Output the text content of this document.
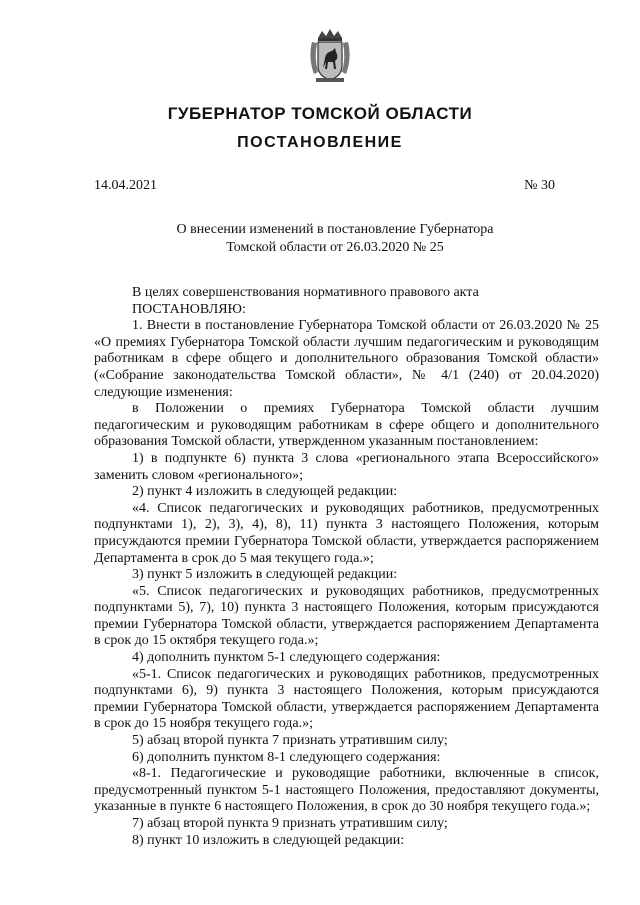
ГУБЕРНАТОР ТОМСКОЙ ОБЛАСТИ
ПОСТАНОВЛЕНИЕ
14.04.2021	№ 30
О внесении изменений в постановление Губернатора
Томской области от 26.03.2020 № 25

В целях совершенствования нормативного правового акта

ПОСТАНОВЛЯЮ:

1. Внести в постановление Губернатора Томской области от 26.03.2020 № 25 «О премиях Губернатора Томской области лучшим педагогическим и руководящим работникам в сфере общего и дополнительного образования Томской области» («Собрание законодательства Томской области», № 4/1 (240) от 20.04.2020) следующие изменения:

в Положении о премиях Губернатора Томской области лучшим педагогическим и руководящим работникам в сфере общего и дополнительного образования Томской области, утвержденном указанным постановлением:

1) в подпункте 6) пункта 3 слова «регионального этапа Всероссийского» заменить словом «регионального»;

2) пункт 4 изложить в следующей редакции:

«4. Список педагогических и руководящих работников, предусмотренных подпунктами 1), 2), 3), 4), 8), 11) пункта 3 настоящего Положения, которым присуждаются премии Губернатора Томской области, утверждается распоряжением Департамента в срок до 5 мая текущего года.»;

3) пункт 5 изложить в следующей редакции:

«5. Список педагогических и руководящих работников, предусмотренных подпунктами 5), 7), 10) пункта 3 настоящего Положения, которым присуждаются премии Губернатора Томской области, утверждается распоряжением Департамента в срок до 15 октября текущего года.»;

4) дополнить пунктом 5-1 следующего содержания:

«5-1. Список педагогических и руководящих работников, предусмотренных подпунктами 6), 9) пункта 3 настоящего Положения, которым присуждаются премии Губернатора Томской области, утверждается распоряжением Департамента в срок до 15 ноября текущего года.»;

5) абзац второй пункта 7 признать утратившим силу;

6) дополнить пунктом 8-1 следующего содержания:

«8-1. Педагогические и руководящие работники, включенные в список, предусмотренный пунктом 5-1 настоящего Положения, предоставляют документы, указанные в пункте 6 настоящего Положения, в срок до 30 ноября текущего года.»;

7) абзац второй пункта 9 признать утратившим силу;

8) пункт 10 изложить в следующей редакции:
